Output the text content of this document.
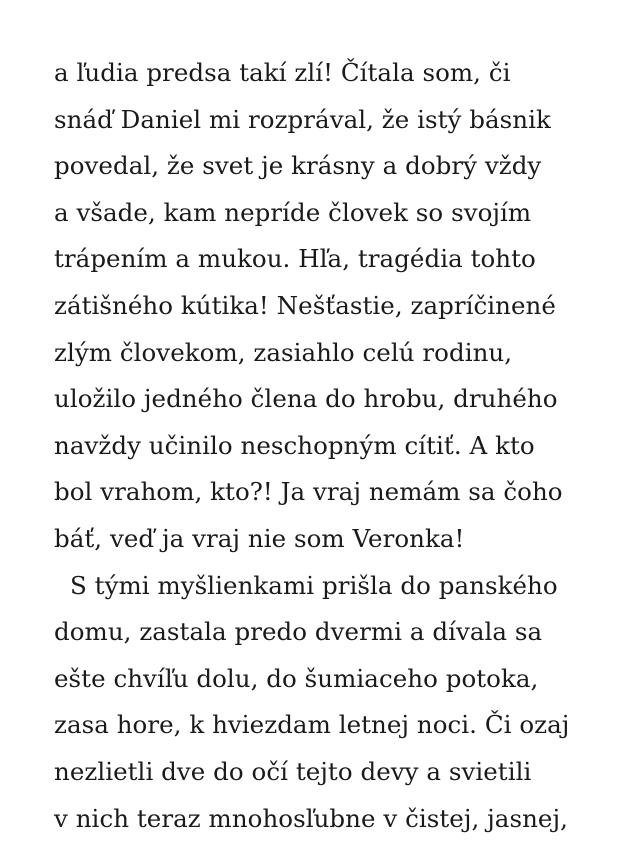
a ľudia predsa takí zlí! Čítala som, či
snáď Daniel mi rozprával, že istý básnik
povedal, že svet je krásny a dobrý vždy
a všade, kam nepríde človek so svojím
trápením a mukou. Hľa, tragédia tohto
zátišného kútika! Nešťastie, zapríčinené
zlým človekom, zasiahlo celú rodinu,
uložilo jedného člena do hrobu, druhého
navždy učinilo neschopným cítiť. A kto
bol vrahom, kto?! Ja vraj nemám sa čoho
báť, veď ja vraj nie som Veronka!
S tými myšlienkami prišla do panského
domu, zastala predo dvermi a dívala sa
ešte chvíľu dolu, do šumiaceho potoka,
zasa hore, k hviezdam letnej noci. Či ozaj
nezlietli dve do očí tejto devy a svietili
v nich teraz mnohosľubne v čistej, jasnej,
